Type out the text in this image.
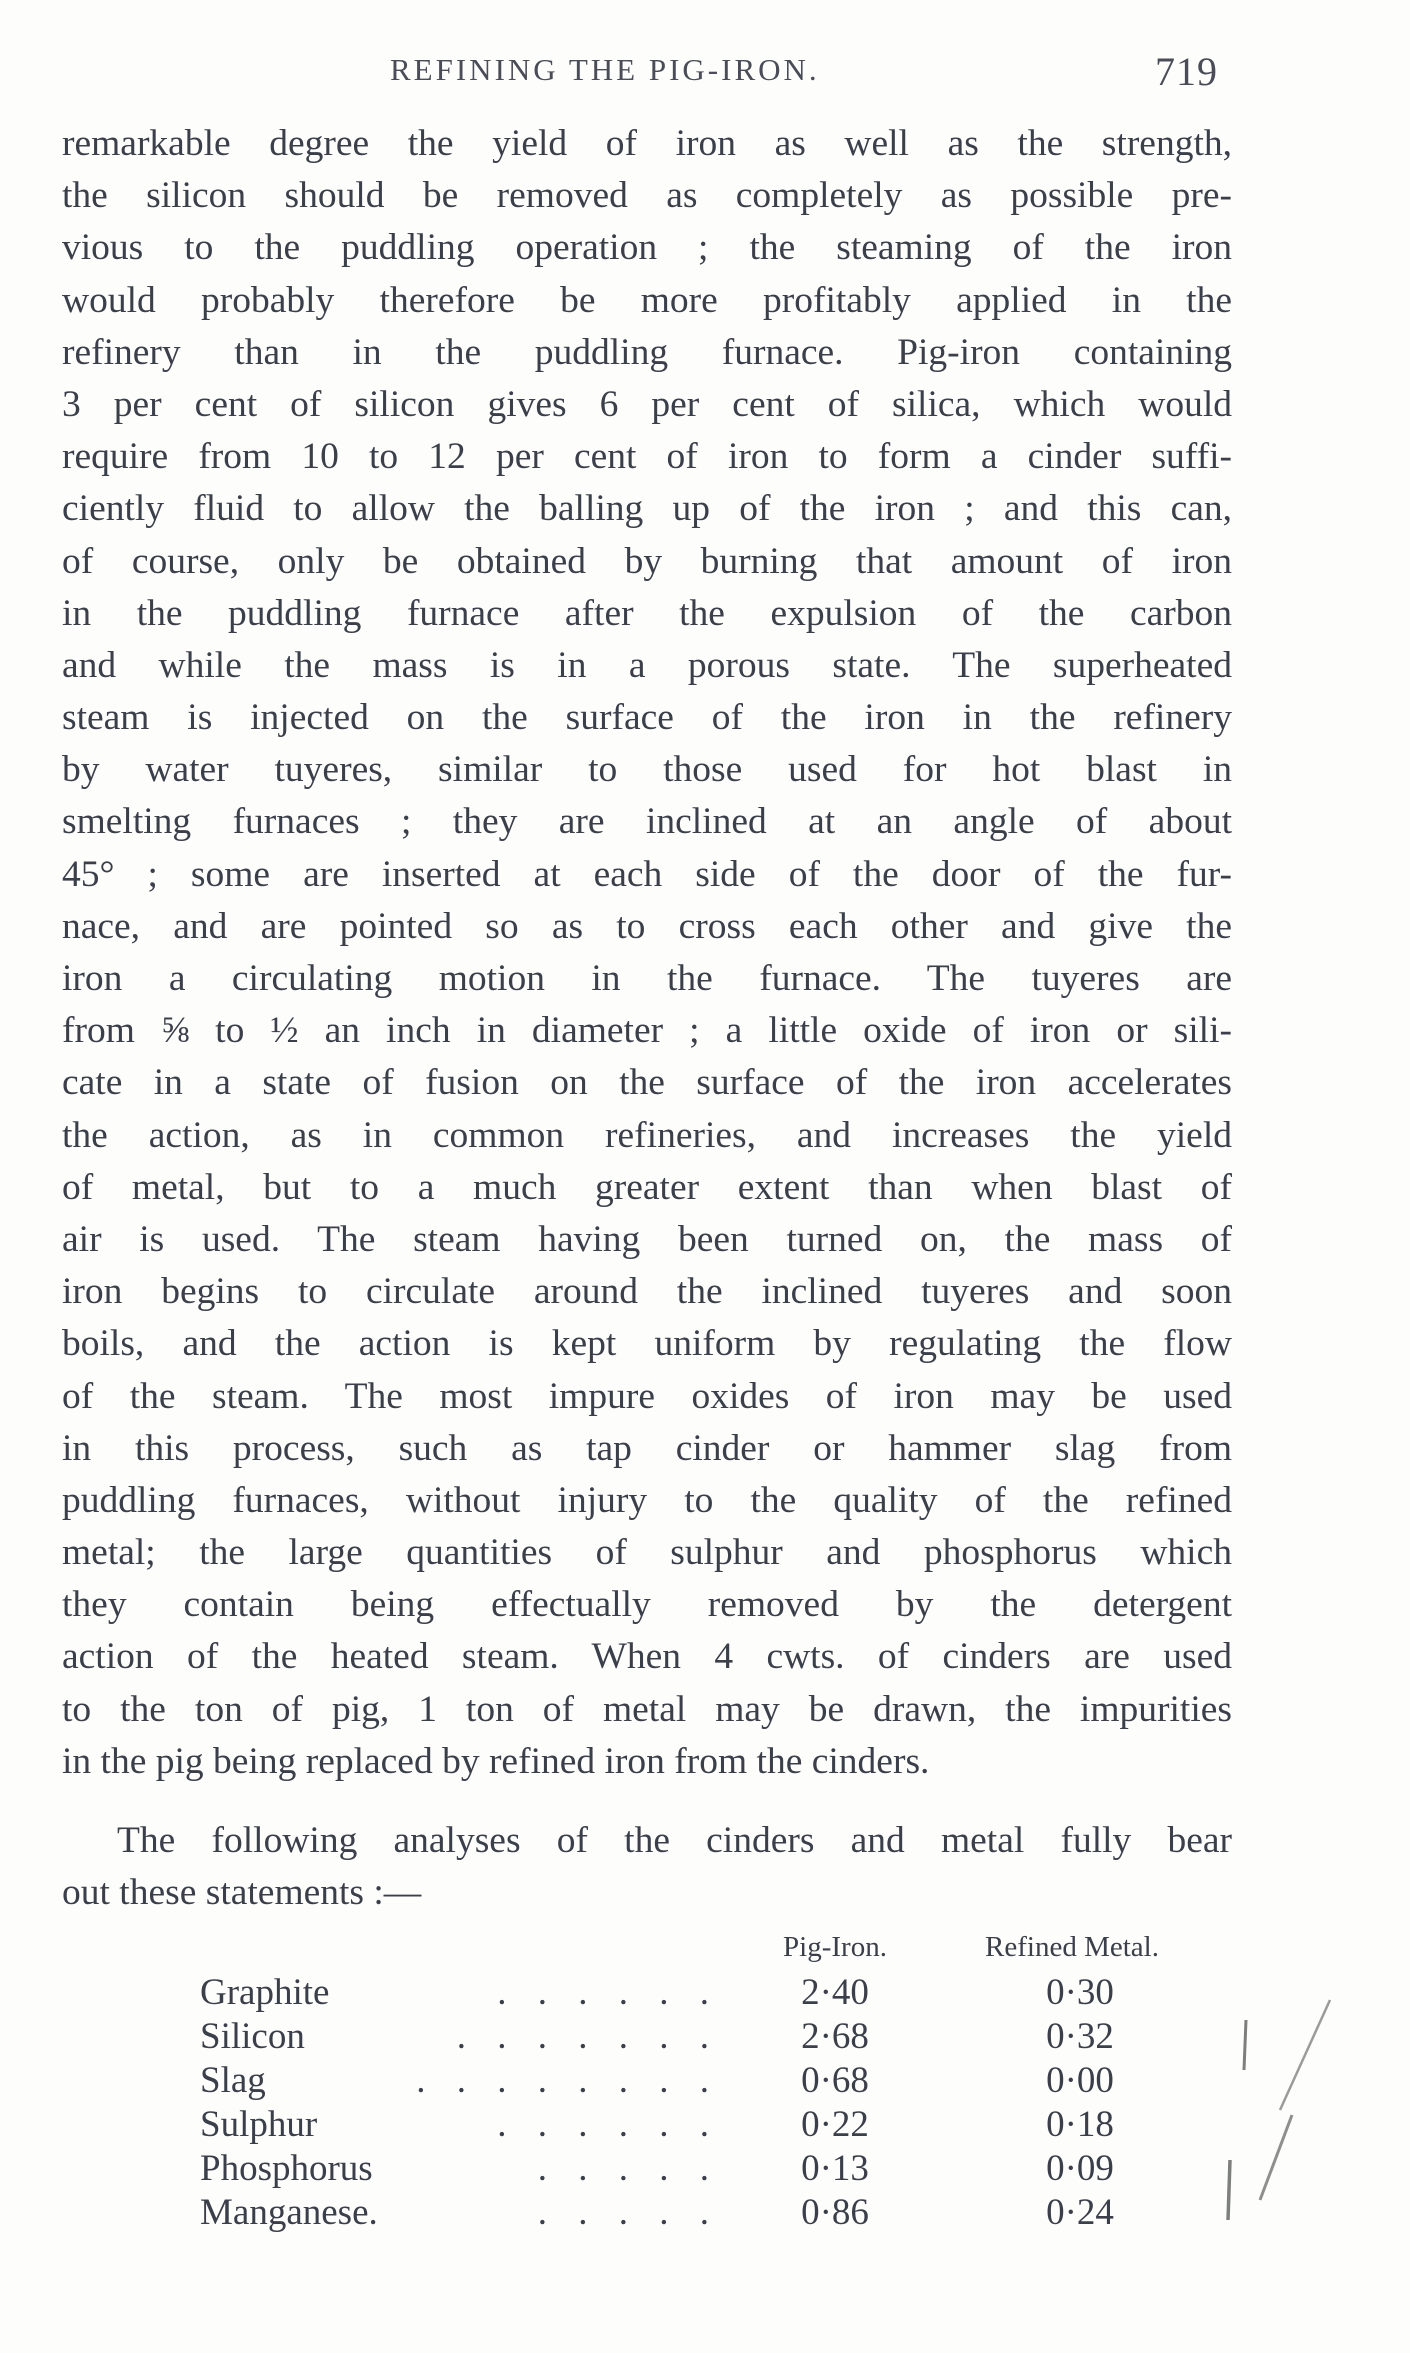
REFINING THE PIG-IRON.	719
remarkable degree the yield of iron as well as the strength,
the silicon should be removed as completely as possible pre-
vious to the puddling operation ; the steaming of the iron
would probably therefore be more profitably applied in the
refinery than in the puddling furnace. Pig-iron containing
3 per cent of silicon gives 6 per cent of silica, which would
require from 10 to 12 per cent of iron to form a cinder suffi-
ciently fluid to allow the balling up of the iron ; and this can,
of course, only be obtained by burning that amount of iron
in the puddling furnace after the expulsion of the carbon
and while the mass is in a porous state. The superheated
steam is injected on the surface of the iron in the refinery
by water tuyeres, similar to those used for hot blast in
smelting furnaces ; they are inclined at an angle of about
45° ; some are inserted at each side of the door of the fur-
nace, and are pointed so as to cross each other and give the
iron a circulating motion in the furnace. The tuyeres are
from ⅝ to ½ an inch in diameter ; a little oxide of iron or sili-
cate in a state of fusion on the surface of the iron accelerates
the action, as in common refineries, and increases the yield
of metal, but to a much greater extent than when blast of
air is used. The steam having been turned on, the mass of
iron begins to circulate around the inclined tuyeres and soon
boils, and the action is kept uniform by regulating the flow
of the steam. The most impure oxides of iron may be used
in this process, such as tap cinder or hammer slag from
puddling furnaces, without injury to the quality of the refined
metal; the large quantities of sulphur and phosphorus which
they contain being effectually removed by the detergent
action of the heated steam. When 4 cwts. of cinders are used
to the ton of pig, 1 ton of metal may be drawn, the impurities
in the pig being replaced by refined iron from the cinders.
The following analyses of the cinders and metal fully bear
out these statements :—
Pig-Iron.	Refined Metal.
Graphite	. . . . . .	2·40	0·30
Silicon	. . . . . . .	2·68	0·32
Slag	. . . . . . . .	0·68	0·00
Sulphur	. . . . . .	0·22	0·18
Phosphorus	. . . . .	0·13	0·09
Manganese.	. . . . .	0·86	0·24
